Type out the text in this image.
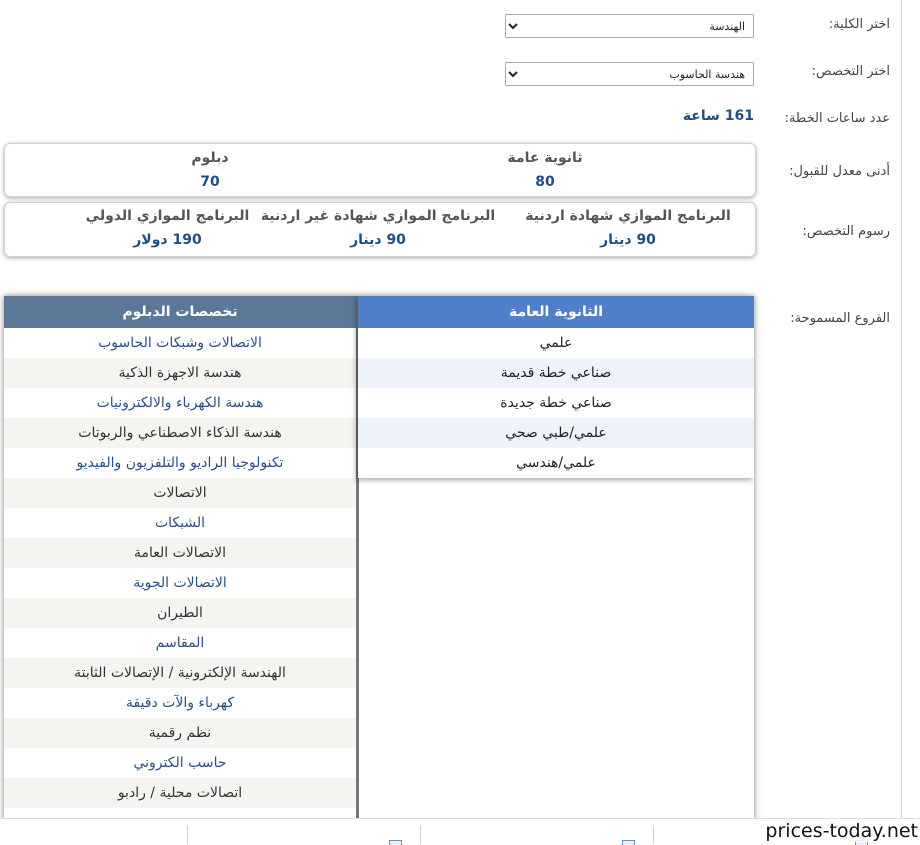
اختر الكلية:
الهندسة
اختر التخصص:
هندسة الحاسوب
عدد ساعات الخطة:
161 ساعة
أدنى معدل للقبول:
ثانوية عامة
80
دبلوم
70
رسوم التخصص:
البرنامج الموازي شهادة اردنية
90 دينار
البرنامج الموازي شهادة غير اردنية
90 دينار
البرنامج الموازي الدولي
190 دولار
الفروع المسموحة:
تخصصات الدبلوم
الاتصالات وشبكات الحاسوب
هندسة الاجهزة الذكية
هندسة الكهرباء والالكترونيات
هندسة الذكاء الاصطناعي والربوتات
تكنولوجيا الراديو والتلفزيون والفيديو
الاتصالات
الشبكات
الاتصالات العامة
الاتصالات الجوية
الطيران
المقاسم
الهندسة الإلكترونية / الإتصالات الثابتة
كهرباء والآت دقيقة
نظم رقمية
حاسب الكتروني
اتصالات محلية / رادبو
الثانوية العامة
علمي
صناعي خطة قديمة
صناعي خطة جديدة
علمي/طبي صحي
علمي/هندسي
prices-today.net
